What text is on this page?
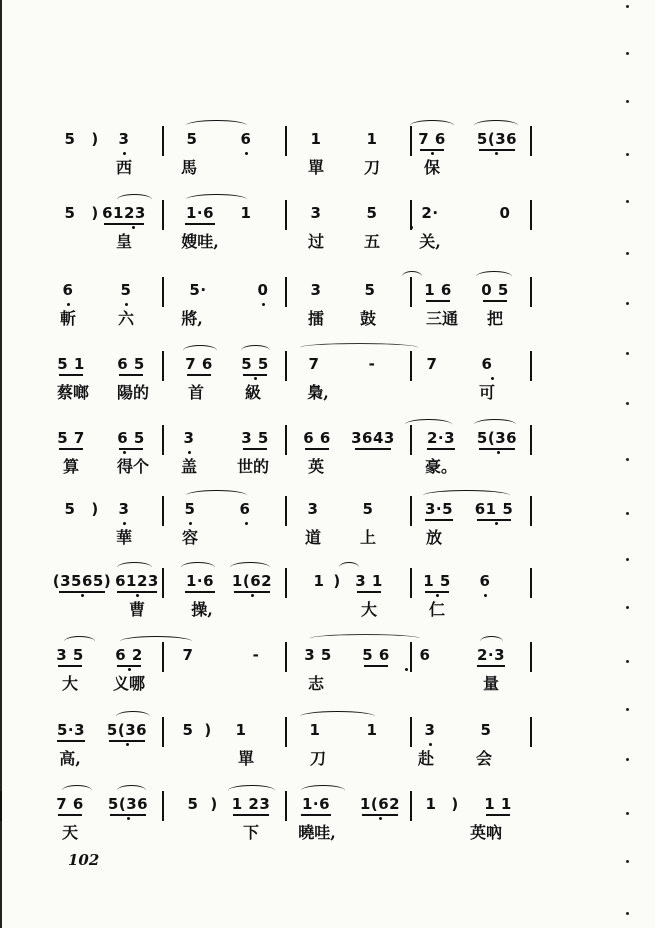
5 ) 3	5	6	1	1	7 6 5(36
西	馬	單 刀	保
5 ) 6123	1·6 1	3	5	2·	0
皇	嫂哇,	过 五 关,
6	5	5·	0	3	5	1 6 0 5
斬	六	將,	擂 鼓	三通 把
5 1 6 5	7 6 5 5	7	-	7	6
蔡啷 陽的 首	級	梟,	可
5 7 6 5	3	3 5 6 6 3643 2·3 5(36
算 得个 盖 世的 英	豪。
5 ) 3	5	6	3	5	3·5 61 5
華	容	道 上	放
(3565) 6123 1·6 1(62	1 ) 3 1	1 5 6
曹	操,	大	仁
3 5 6 2	7	-	3 5 5 6 6	2·3
大 义哪	志	量
5·3 5(36 5 ) 1	1	1	3	5
高,	單	刀	赴	会
7 6 5(36	5 ) 1 23 1·6 1(62 1 ) 1 1
天	下 曉哇,	英吶
102
